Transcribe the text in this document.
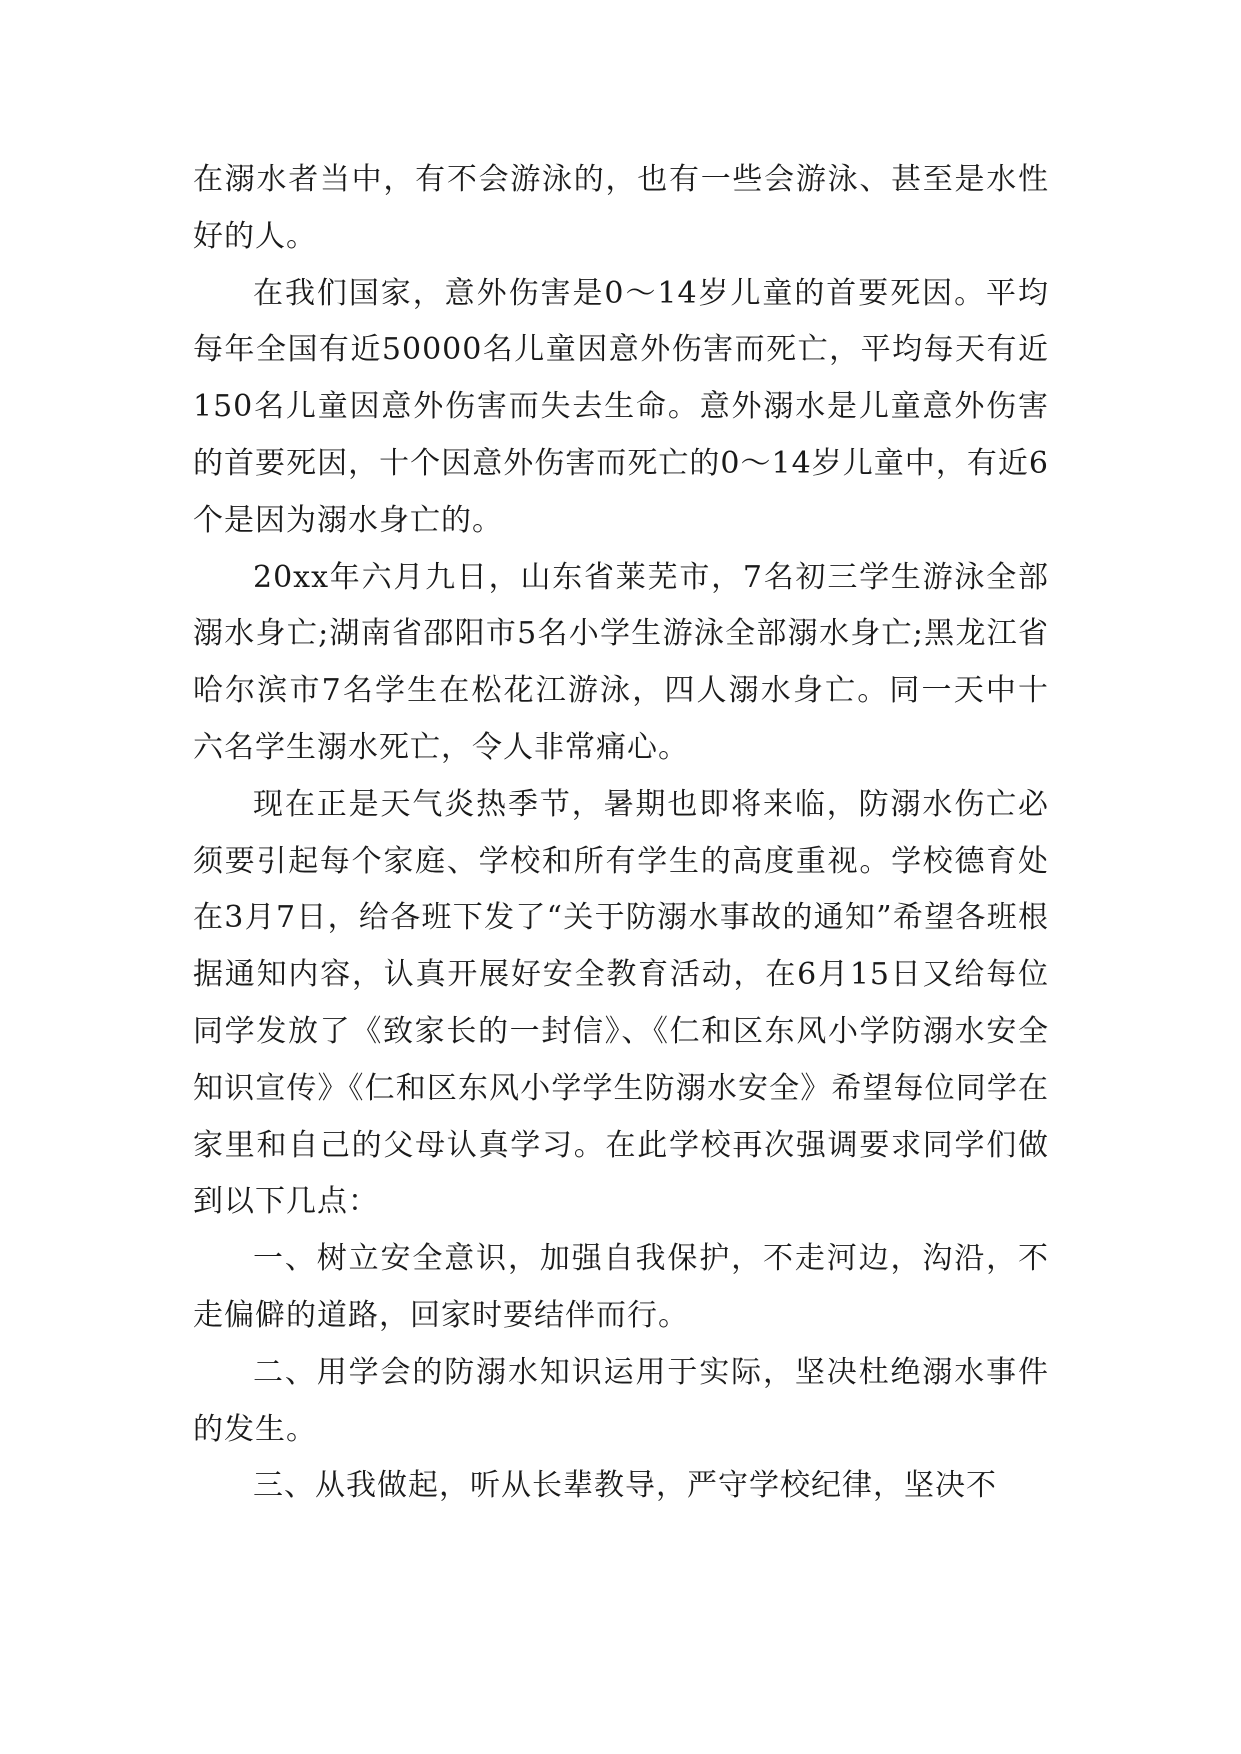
在溺水者当中，有不会游泳的，也有一些会游泳、甚至是水性好的人。

在我们国家，意外伤害是0～14岁儿童的首要死因。平均每年全国有近50000名儿童因意外伤害而死亡，平均每天有近150名儿童因意外伤害而失去生命。意外溺水是儿童意外伤害的首要死因，十个因意外伤害而死亡的0～14岁儿童中，有近6个是因为溺水身亡的。

20xx年六月九日，山东省莱芜市，7名初三学生游泳全部溺水身亡;湖南省邵阳市5名小学生游泳全部溺水身亡;黑龙江省哈尔滨市7名学生在松花江游泳，四人溺水身亡。同一天中十六名学生溺水死亡，令人非常痛心。

现在正是天气炎热季节，暑期也即将来临，防溺水伤亡必须要引起每个家庭、学校和所有学生的高度重视。学校德育处在3月7日，给各班下发了“关于防溺水事故的通知”希望各班根据通知内容，认真开展好安全教育活动，在6月15日又给每位同学发放了《致家长的一封信》、《仁和区东风小学防溺水安全知识宣传》《仁和区东风小学学生防溺水安全》希望每位同学在家里和自己的父母认真学习。在此学校再次强调要求同学们做到以下几点：

一、树立安全意识，加强自我保护，不走河边，沟沿，不走偏僻的道路，回家时要结伴而行。

二、用学会的防溺水知识运用于实际，坚决杜绝溺水事件的发生。

三、从我做起，听从长辈教导，严守学校纪律，坚决不
